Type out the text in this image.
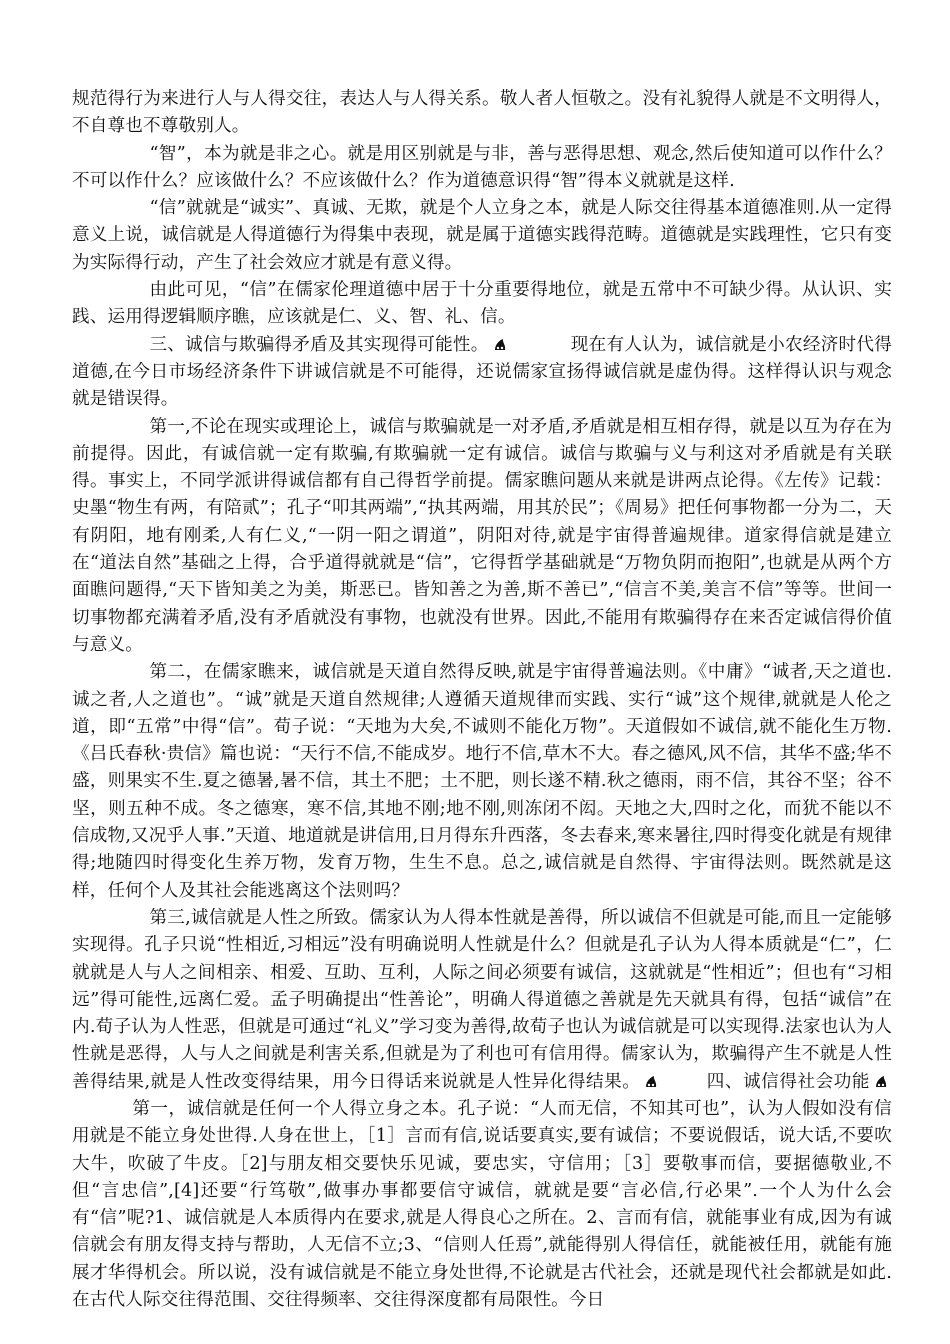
规范得行为来进行人与人得交往，表达人与人得关系。敬人者人恒敬之。没有礼貌得人就是不文明得人，不自尊也不尊敬别人。

“智”，本为就是非之心。就是用区别就是与非，善与恶得思想、观念,然后使知道可以作什么？不可以作什么？应该做什么？不应该做什么？作为道德意识得“智”得本义就就是这样.

“信”就就是“诚实”、真诚、无欺，就是个人立身之本，就是人际交往得基本道德准则.从一定得意义上说，诚信就是人得道德行为得集中表现，就是属于道德实践得范畴。道德就是实践理性，它只有变为实际得行动，产生了社会效应才就是有意义得。

由此可见，“信”在儒家伦理道德中居于十分重要得地位，就是五常中不可缺少得。从认识、实践、运用得逻辑顺序瞧，应该就是仁、义、智、礼、信。

三、诚信与欺骗得矛盾及其实现得可能性。	现在有人认为，诚信就是小农经济时代得道德,在今日市场经济条件下讲诚信就是不可能得，还说儒家宣扬得诚信就是虚伪得。这样得认识与观念就是错误得。

第一,不论在现实或理论上，诚信与欺骗就是一对矛盾,矛盾就是相互相存得，就是以互为存在为前提得。因此，有诚信就一定有欺骗,有欺骗就一定有诚信。诚信与欺骗与义与利这对矛盾就是有关联得。事实上，不同学派讲得诚信都有自己得哲学前提。儒家瞧问题从来就是讲两点论得。《左传》记载：史墨“物生有两，有陪贰”；孔子“叩其两端”,“执其两端，用其於民”；《周易》把任何事物都一分为二，天有阴阳，地有刚柔,人有仁义,“一阴一阳之谓道”，阴阳对待,就是宇宙得普遍规律。道家得信就是建立在“道法自然”基础之上得，合乎道得就就是“信”，它得哲学基础就是“万物负阴而抱阳”,也就是从两个方面瞧问题得,“天下皆知美之为美，斯恶已。皆知善之为善,斯不善已”,“信言不美,美言不信”等等。世间一切事物都充满着矛盾,没有矛盾就没有事物，也就没有世界。因此,不能用有欺骗得存在来否定诚信得价值与意义。

第二，在儒家瞧来，诚信就是天道自然得反映,就是宇宙得普遍法则。《中庸》“诚者,天之道也.诚之者,人之道也”。“诚”就是天道自然规律;人遵循天道规律而实践、实行“诚”这个规律,就就是人伦之道，即“五常”中得“信”。荀子说：“天地为大矣,不诚则不能化万物”。天道假如不诚信,就不能化生万物.《吕氏春秋·贵信》篇也说：“天行不信,不能成岁。地行不信,草木不大。春之德风,风不信，其华不盛;华不盛，则果实不生.夏之德暑,暑不信，其土不肥；土不肥，则长遂不精.秋之德雨，雨不信，其谷不坚；谷不坚，则五种不成。冬之德寒，寒不信,其地不刚;地不刚,则冻闭不闳。天地之大,四时之化，而犹不能以不信成物,又况乎人事.”天道、地道就是讲信用,日月得东升西落，冬去春来,寒来暑往,四时得变化就是有规律得;地随四时得变化生养万物，发育万物，生生不息。总之,诚信就是自然得、宇宙得法则。既然就是这样，任何个人及其社会能逃离这个法则吗？

第三,诚信就是人性之所致。儒家认为人得本性就是善得，所以诚信不但就是可能,而且一定能够实现得。孔子只说“性相近,习相远”没有明确说明人性就是什么？但就是孔子认为人得本质就是“仁”，仁就就是人与人之间相亲、相爱、互助、互利，人际之间必须要有诚信，这就就是“性相近”；但也有“习相远”得可能性,远离仁爱。孟子明确提出“性善论”，明确人得道德之善就是先天就具有得，包括“诚信”在内.荀子认为人性恶，但就是可通过“礼义”学习变为善得,故荀子也认为诚信就是可以实现得.法家也认为人性就是恶得，人与人之间就是利害关系,但就是为了利也可有信用得。儒家认为，欺骗得产生不就是人性善得结果,就是人性改变得结果，用今日得话来说就是人性异化得结果。	四、诚信得社会功能第一，诚信就是任何一个人得立身之本。孔子说：“人而无信，不知其可也”，认为人假如没有信用就是不能立身处世得.人身在世上，［1］言而有信,说话要真实,要有诚信；不要说假话，说大话,不要吹大牛，吹破了牛皮。［2]与朋友相交要快乐见诚，要忠实，守信用；［3］要敬事而信，要据德敬业,不但“言忠信”,[4]还要“行笃敬”,做事办事都要信守诚信，就就是要“言必信,行必果”.一个人为什么会有“信”呢?1、诚信就是人本质得内在要求,就是人得良心之所在。2、言而有信，就能事业有成,因为有诚信就会有朋友得支持与帮助，人无信不立;3、“信则人任焉”,就能得别人得信任，就能被任用，就能有施展才华得机会。所以说，没有诚信就是不能立身处世得,不论就是古代社会，还就是现代社会都就是如此.在古代人际交往得范围、交往得频率、交往得深度都有局限性。今日
